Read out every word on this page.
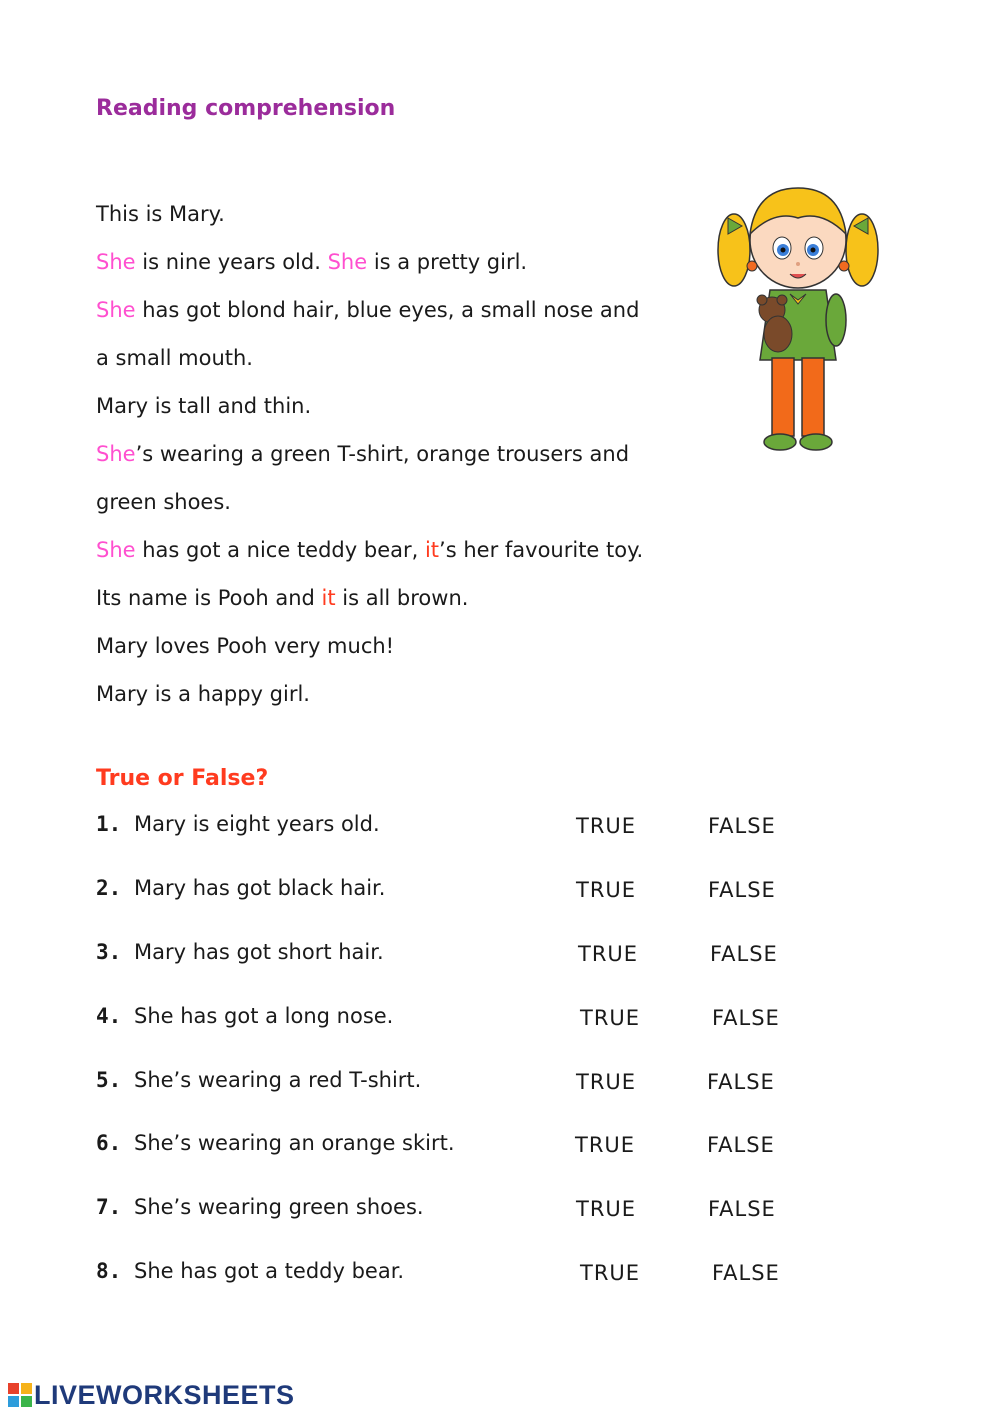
Reading comprehension
This is Mary.
She is nine years old. She is a pretty girl.
She has got blond hair, blue eyes, a small nose and
a small mouth.
Mary is tall and thin.
She’s wearing a green T-shirt, orange trousers and
green shoes.
She has got a nice teddy bear, it’s her favourite toy.
Its name is Pooh and it is all brown.
Mary loves Pooh very much!
Mary is a happy girl.
True or False?
1. Mary is eight years old.	TRUE	FALSE
2. Mary has got black hair.	TRUE	FALSE
3. Mary has got short hair.	TRUE	FALSE
4. She has got a long nose.	TRUE	FALSE
5. She’s wearing a red T-shirt.	TRUE	FALSE
6. She’s wearing an orange skirt.	TRUE	FALSE
7. She’s wearing green shoes.	TRUE	FALSE
8. She has got a teddy bear.	TRUE	FALSE
LIVEWORKSHEETS
